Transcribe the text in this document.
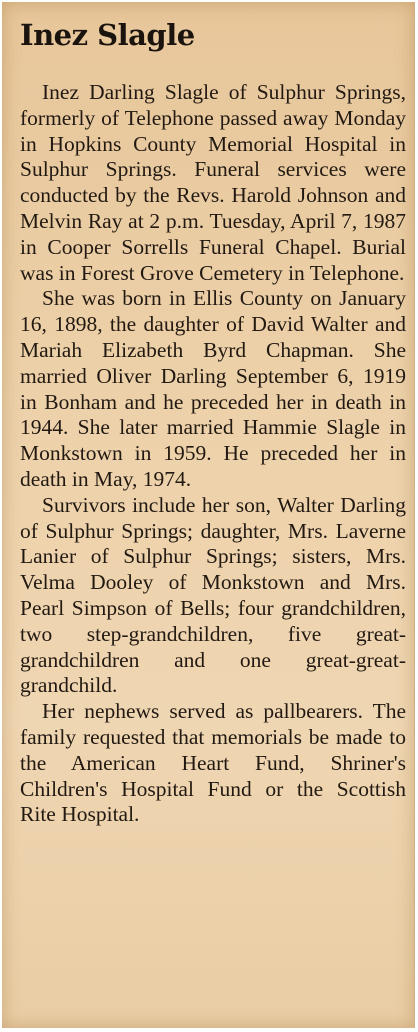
Inez Slagle

Inez Darling Slagle of Sulphur Springs, formerly of Telephone passed away Monday in Hopkins County Memorial Hospital in Sulphur Springs. Funeral services were conducted by the Revs. Harold Johnson and Melvin Ray at 2 p.m. Tuesday, April 7, 1987 in Cooper Sorrells Funeral Chapel. Burial was in Forest Grove Cemetery in Telephone.

She was born in Ellis County on January 16, 1898, the daughter of David Walter and Mariah Elizabeth Byrd Chapman. She married Oliver Darling September 6, 1919 in Bonham and he preceded her in death in 1944. She later married Hammie Slagle in Monkstown in 1959. He preceded her in death in May, 1974.

Survivors include her son, Walter Darling of Sulphur Springs; daughter, Mrs. Laverne Lanier of Sulphur Springs; sisters, Mrs. Velma Dooley of Monkstown and Mrs. Pearl Simpson of Bells; four grandchildren, two step-grandchildren, five great-grandchildren and one great-great-grandchild.

Her nephews served as pallbearers. The family requested that memorials be made to the American Heart Fund, Shriner's Children's Hospital Fund or the Scottish Rite Hospital.
